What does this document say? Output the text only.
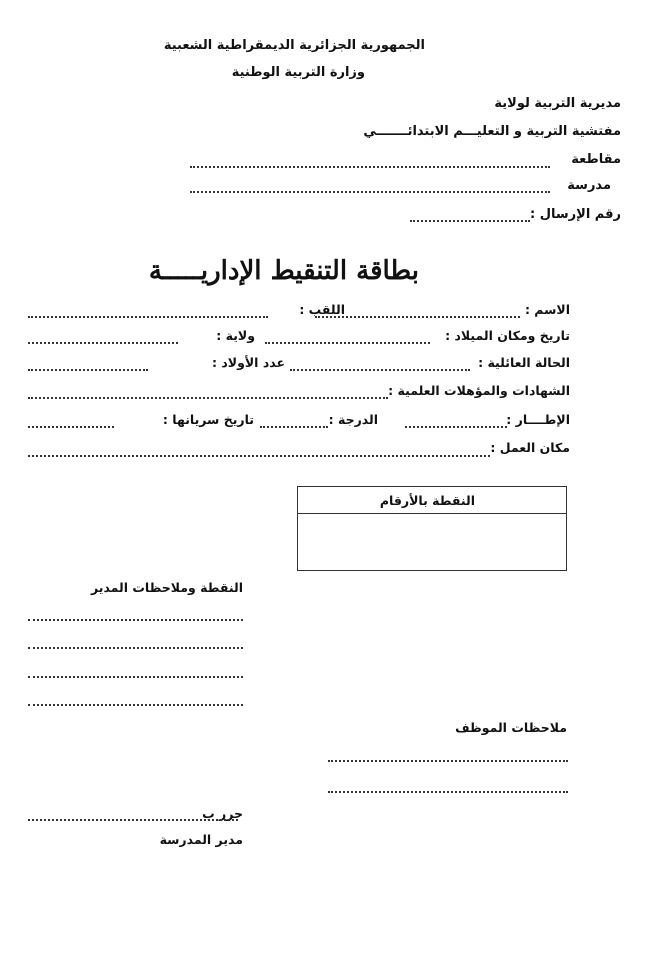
الجمهورية الجزائرية الديمقراطية الشعبية
وزارة التربية الوطنية
مديرية التربية لولاية
مفتشية التربية و التعليـــم الابتدائـــــــي
مقاطعة
مدرسة
رقم الإرسال :
بطاقة التنقيط الإداريـــــة
الاسم :
اللقب :
تاريخ ومكان الميلاد :
ولاية :
الحالة العائلية :
عدد الأولاد :
الشهادات والمؤهلات العلمية :
الإطــــار :
الدرجة :
تاريخ سريانها :
مكان العمل :
النقطة بالأرقام
النقطة وملاحظات المدير
ملاحظات الموظف
حرر ب
مدير المدرسة
